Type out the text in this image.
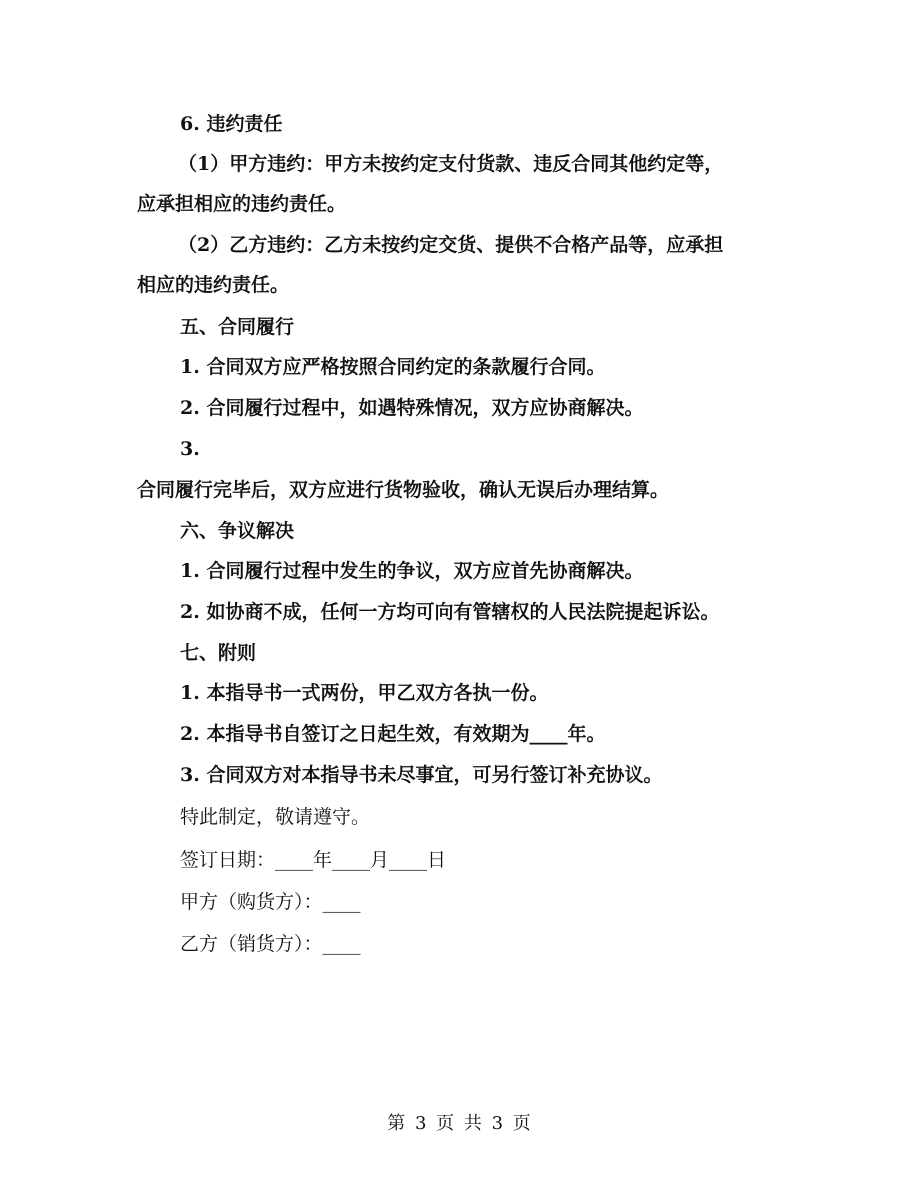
6. 违约责任
（1）甲方违约：甲方未按约定支付货款、违反合同其他约定等，
应承担相应的违约责任。
（2）乙方违约：乙方未按约定交货、提供不合格产品等，应承担
相应的违约责任。
五、合同履行
1. 合同双方应严格按照合同约定的条款履行合同。
2. 合同履行过程中，如遇特殊情况，双方应协商解决。
3.
合同履行完毕后，双方应进行货物验收，确认无误后办理结算。
六、争议解决
1. 合同履行过程中发生的争议，双方应首先协商解决。
2. 如协商不成，任何一方均可向有管辖权的人民法院提起诉讼。
七、附则
1. 本指导书一式两份，甲乙双方各执一份。
2. 本指导书自签订之日起生效，有效期为____年。
3. 合同双方对本指导书未尽事宜，可另行签订补充协议。
特此制定，敬请遵守。
签订日期：____年____月____日
甲方（购货方）：____
乙方（销货方）：____
第 3 页 共 3 页
